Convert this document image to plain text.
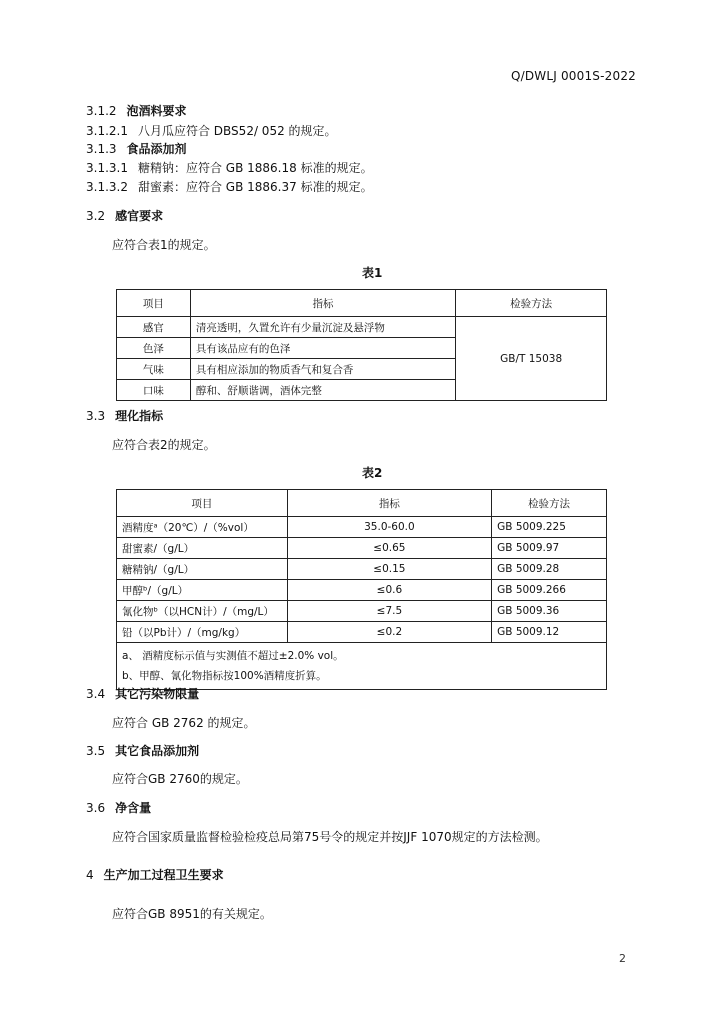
Q/DWLJ 0001S-2022
3.1.2 泡酒料要求
3.1.2.1 八月瓜应符合 DBS52/ 052 的规定。
3.1.3 食品添加剂
3.1.3.1 糖精钠：应符合 GB 1886.18 标准的规定。
3.1.3.2 甜蜜素：应符合 GB 1886.37 标准的规定。
3.2 感官要求
应符合表1的规定。
表1
项目	指标	检验方法
感官	清亮透明，久置允许有少量沉淀及悬浮物	GB/T 15038
色泽	具有该品应有的色泽	
气味	具有相应添加的物质香气和复合香	
口味	醇和、舒顺谐调，酒体完整	
3.3 理化指标
应符合表2的规定。
表2
项目	指标	检验方法
酒精度ᵃ（20℃）/（%vol）	35.0-60.0	GB 5009.225
甜蜜素/（g/L）	≤0.65	GB 5009.97
糖精钠/（g/L）	≤0.15	GB 5009.28
甲醇ᵇ/（g/L）	≤0.6	GB 5009.266
氰化物ᵇ（以HCN计）/（mg/L）	≤7.5	GB 5009.36
铅（以Pb计）/（mg/kg）	≤0.2	GB 5009.12

a、 酒精度标示值与实测值不超过±2.0% vol。
b、甲醇、氰化物指标按100%酒精度折算。		
3.4 其它污染物限量
应符合 GB 2762 的规定。
3.5 其它食品添加剂
应符合GB 2760的规定。
3.6 净含量
应符合国家质量监督检验检疫总局第75号令的规定并按JJF 1070规定的方法检测。
4 生产加工过程卫生要求
应符合GB 8951的有关规定。
2
